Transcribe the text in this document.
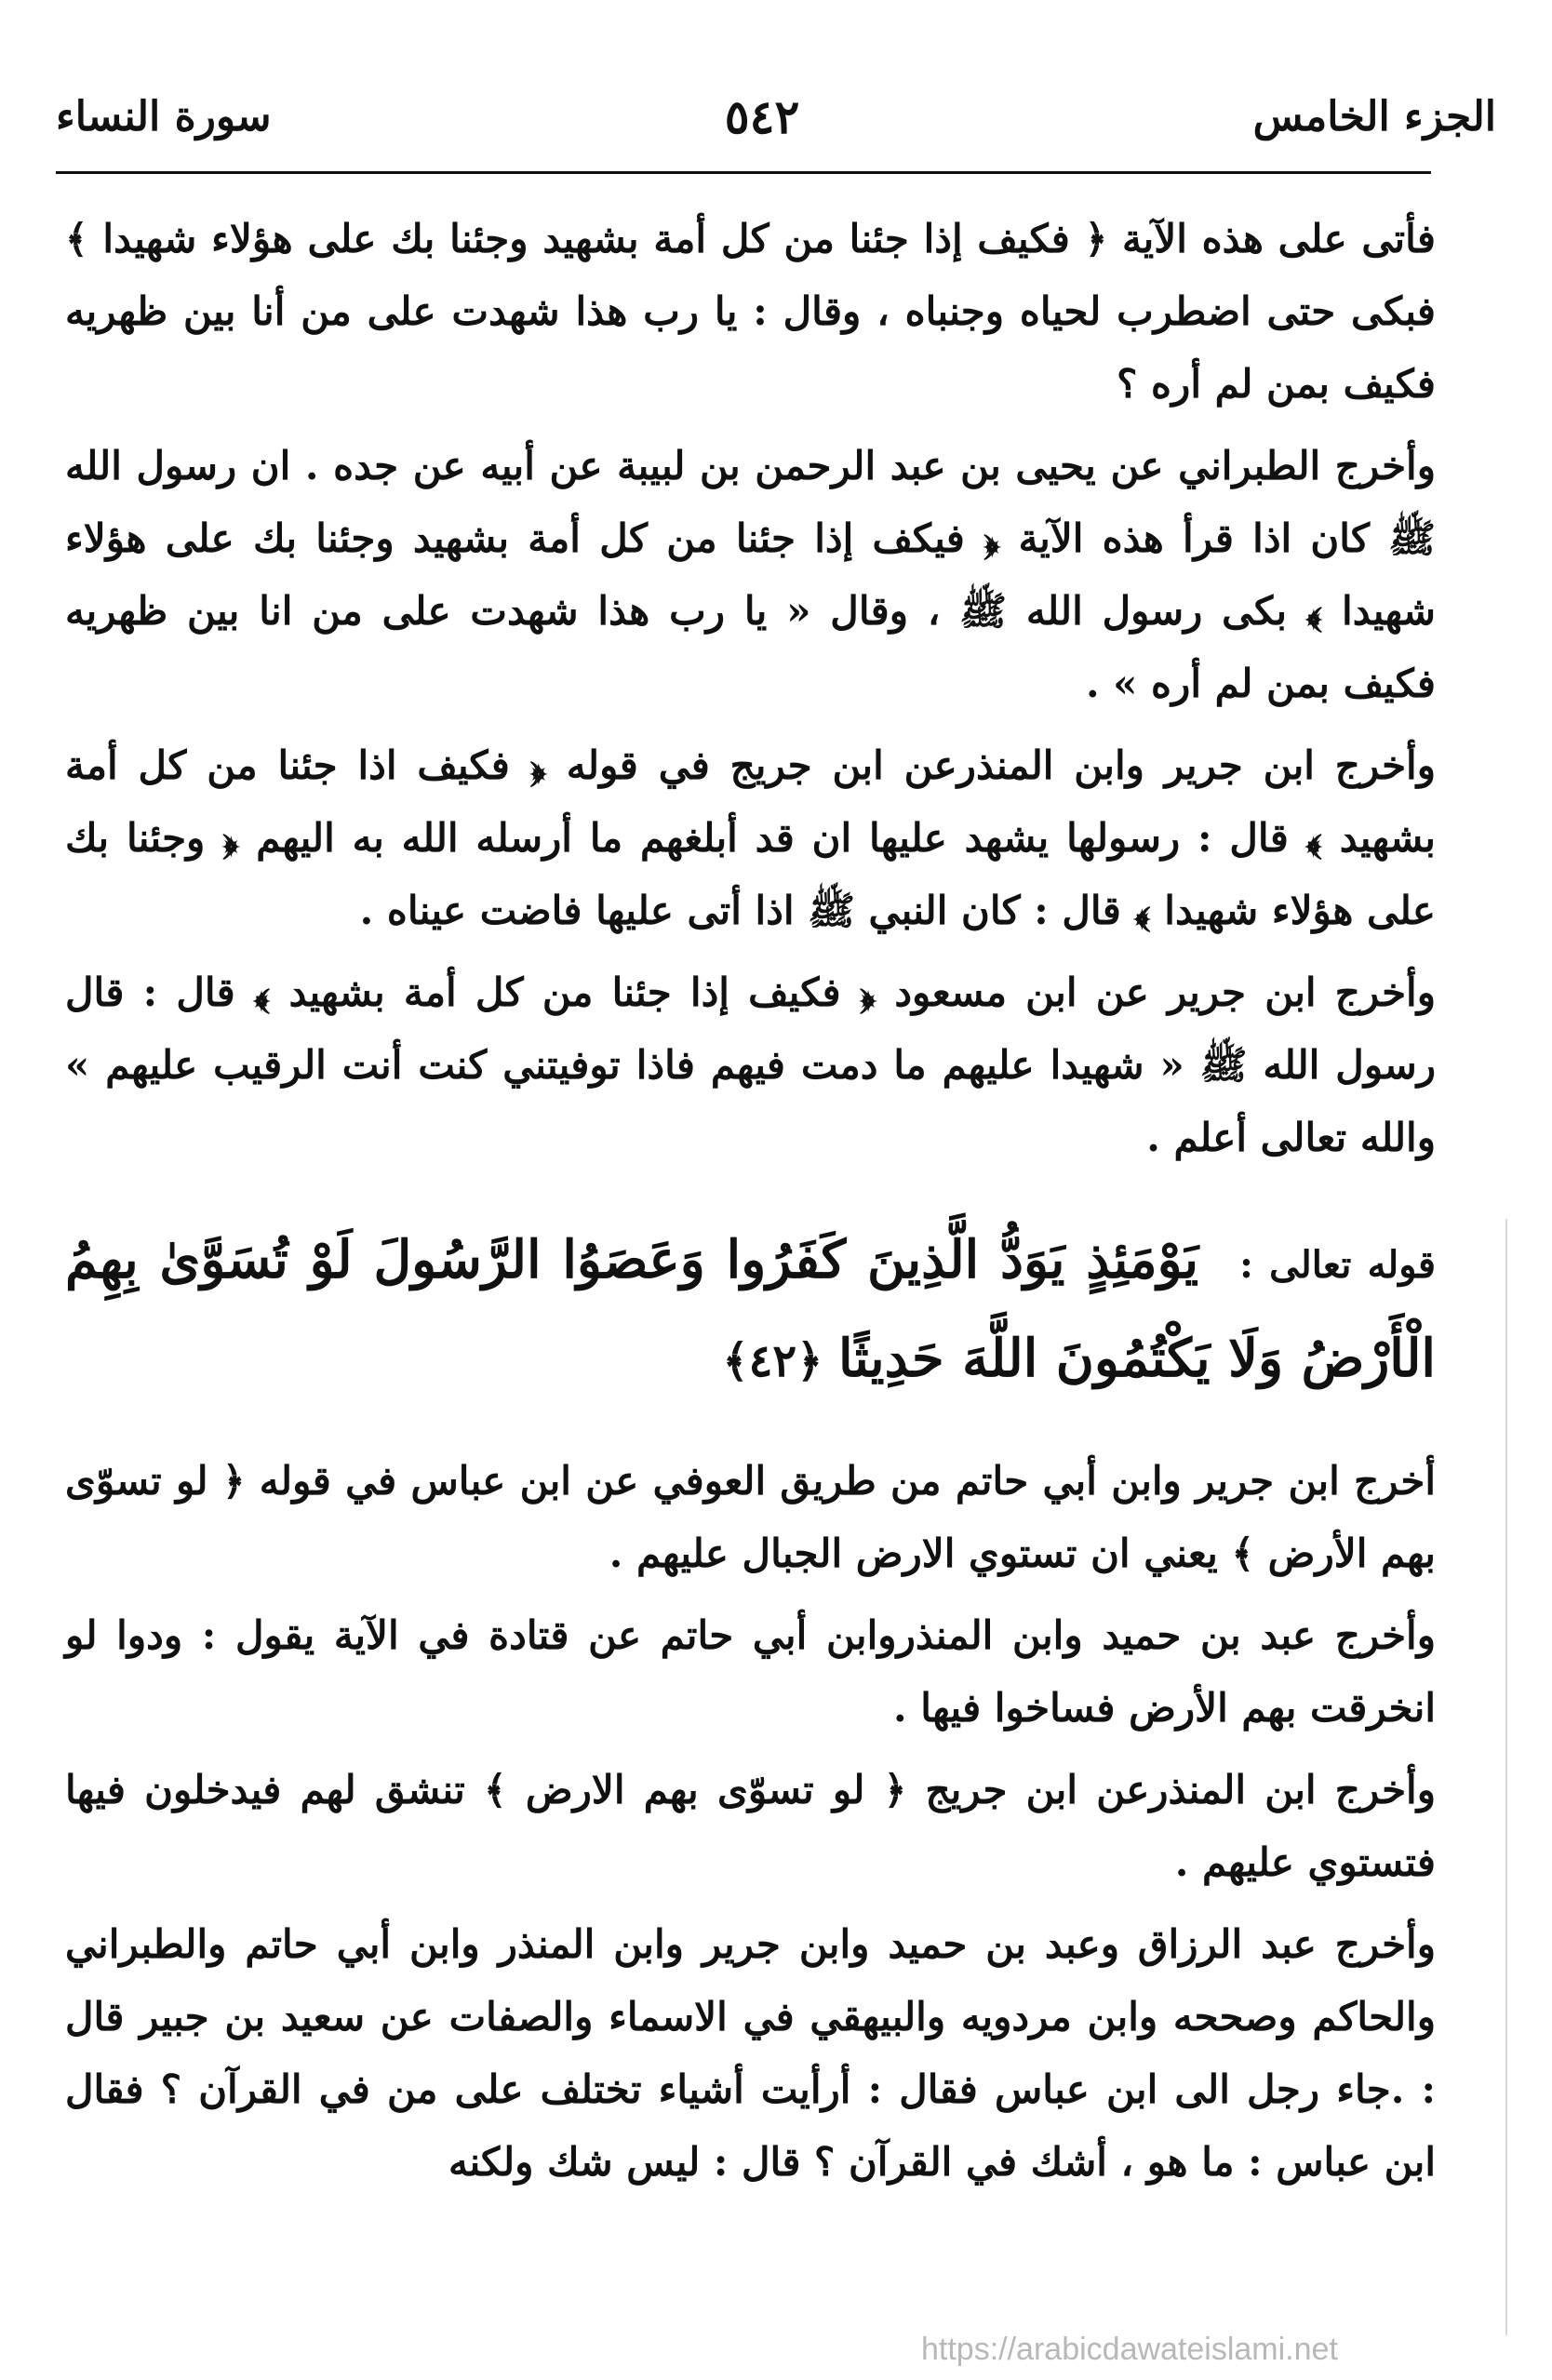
الجزء الخامس
٥٤٢
سورة النساء

فأتى على هذه الآية ﴿ فكيف إذا جئنا من كل أمة بشهيد وجئنا بك على هؤلاء شهيدا ﴾ فبكى حتى اضطرب لحياه وجنباه ، وقال : يا رب هذا شهدت على من أنا بين ظهريه فكيف بمن لم أره ؟

وأخرج الطبراني عن يحيى بن عبد الرحمن بن لبيبة عن أبيه عن جده . ان رسول الله ﷺ كان اذا قرأ هذه الآية ﴿ فيكف إذا جئنا من كل أمة بشهيد وجئنا بك على هؤلاء شهيدا ﴾ بكى رسول الله ﷺ ، وقال « يا رب هذا شهدت على من انا بين ظهريه فكيف بمن لم أره » .

وأخرج ابن جرير وابن المنذرعن ابن جريج في قوله ﴿ فكيف اذا جئنا من كل أمة بشهيد ﴾ قال : رسولها يشهد عليها ان قد أبلغهم ما أرسله الله به اليهم ﴿ وجئنا بك على هؤلاء شهيدا ﴾ قال : كان النبي ﷺ اذا أتى عليها فاضت عيناه .

وأخرج ابن جرير عن ابن مسعود ﴿ فكيف إذا جئنا من كل أمة بشهيد ﴾ قال : قال رسول الله ﷺ « شهيدا عليهم ما دمت فيهم فاذا توفيتني كنت أنت الرقيب عليهم » والله تعالى أعلم .

قوله تعالى : يَوْمَئِذٍ يَوَدُّ الَّذِينَ كَفَرُوا وَعَصَوُا الرَّسُولَ لَوْ تُسَوَّىٰ بِهِمُ الْأَرْضُ وَلَا يَكْتُمُونَ اللَّهَ حَدِيثًا ﴿٤٢﴾

أخرج ابن جرير وابن أبي حاتم من طريق العوفي عن ابن عباس في قوله ﴿ لو تسوّى بهم الأرض ﴾ يعني ان تستوي الارض الجبال عليهم .

وأخرج عبد بن حميد وابن المنذروابن أبي حاتم عن قتادة في الآية يقول : ودوا لو انخرقت بهم الأرض فساخوا فيها .

وأخرج ابن المنذرعن ابن جريج ﴿ لو تسوّى بهم الارض ﴾ تنشق لهم فيدخلون فيها فتستوي عليهم .

وأخرج عبد الرزاق وعبد بن حميد وابن جرير وابن المنذر وابن أبي حاتم والطبراني والحاكم وصححه وابن مردويه والبيهقي في الاسماء والصفات عن سعيد بن جبير قال : .جاء رجل الى ابن عباس فقال : أرأيت أشياء تختلف على من في القرآن ؟ فقال ابن عباس : ما هو ، أشك في القرآن ؟ قال : ليس شك ولكنه

https://arabicdawateislami.net
